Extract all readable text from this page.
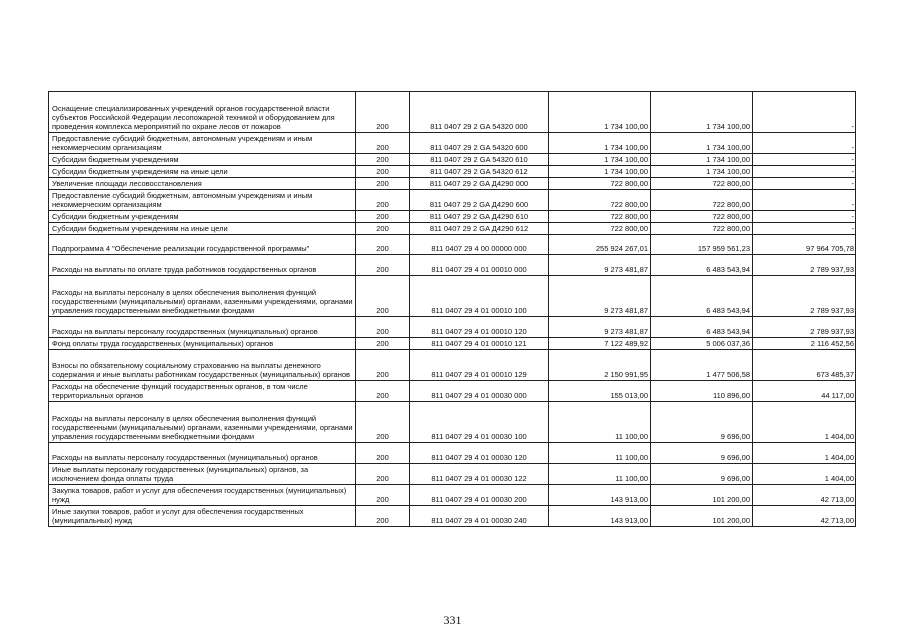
Оснащение специализированных учреждений органов государственной власти субъектов Российской Федерации лесопожарной техникой и оборудованием для проведения комплекса мероприятий по охране лесов от пожаров	200	811 0407 29 2 GA 54320 000	1 734 100,00	1 734 100,00	-
Предоставление субсидий бюджетным, автономным учреждениям и иным некоммерческим организациям	200	811 0407 29 2 GA 54320 600	1 734 100,00	1 734 100,00	-
Субсидии бюджетным учреждениям	200	811 0407 29 2 GA 54320 610	1 734 100,00	1 734 100,00	-
Субсидии бюджетным учреждениям на иные цели	200	811 0407 29 2 GA 54320 612	1 734 100,00	1 734 100,00	-
Увеличение площади лесовосстановления	200	811 0407 29 2 GA Д4290 000	722 800,00	722 800,00	-
Предоставление субсидий бюджетным, автономным учреждениям и иным некоммерческим организациям	200	811 0407 29 2 GA Д4290 600	722 800,00	722 800,00	-
Субсидии бюджетным учреждениям	200	811 0407 29 2 GA Д4290 610	722 800,00	722 800,00	-
Субсидии бюджетным учреждениям на иные цели	200	811 0407 29 2 GA Д4290 612	722 800,00	722 800,00	-
Подпрограмма 4 "Обеспечение реализации государственной программы"	200	811 0407 29 4 00 00000 000	255 924 267,01	157 959 561,23	97 964 705,78
Расходы на выплаты по оплате труда работников государственных органов	200	811 0407 29 4 01 00010 000	9 273 481,87	6 483 543,94	2 789 937,93
Расходы на выплаты персоналу в целях обеспечения выполнения функций государственными (муниципальными) органами, казенными учреждениями, органами управления государственными внебюджетными фондами	200	811 0407 29 4 01 00010 100	9 273 481,87	6 483 543,94	2 789 937,93
Расходы на выплаты персоналу государственных (муниципальных) органов	200	811 0407 29 4 01 00010 120	9 273 481,87	6 483 543,94	2 789 937,93
Фонд оплаты труда государственных (муниципальных) органов	200	811 0407 29 4 01 00010 121	7 122 489,92	5 006 037,36	2 116 452,56
Взносы по обязательному социальному страхованию на выплаты денежного содержания и иные выплаты работникам государственных (муниципальных) органов	200	811 0407 29 4 01 00010 129	2 150 991,95	1 477 506,58	673 485,37
Расходы на обеспечение функций государственных органов, в том числе территориальных органов	200	811 0407 29 4 01 00030 000	155 013,00	110 896,00	44 117,00
Расходы на выплаты персоналу в целях обеспечения выполнения функций государственными (муниципальными) органами, казенными учреждениями, органами управления государственными внебюджетными фондами	200	811 0407 29 4 01 00030 100	11 100,00	9 696,00	1 404,00
Расходы на выплаты персоналу государственных (муниципальных) органов	200	811 0407 29 4 01 00030 120	11 100,00	9 696,00	1 404,00
Иные выплаты персоналу государственных (муниципальных) органов, за исключением фонда оплаты труда	200	811 0407 29 4 01 00030 122	11 100,00	9 696,00	1 404,00
Закупка товаров, работ и услуг для обеспечения государственных (муниципальных) нужд	200	811 0407 29 4 01 00030 200	143 913,00	101 200,00	42 713,00
Иные закупки товаров, работ и услуг для обеспечения государственных (муниципальных) нужд	200	811 0407 29 4 01 00030 240	143 913,00	101 200,00	42 713,00
331
